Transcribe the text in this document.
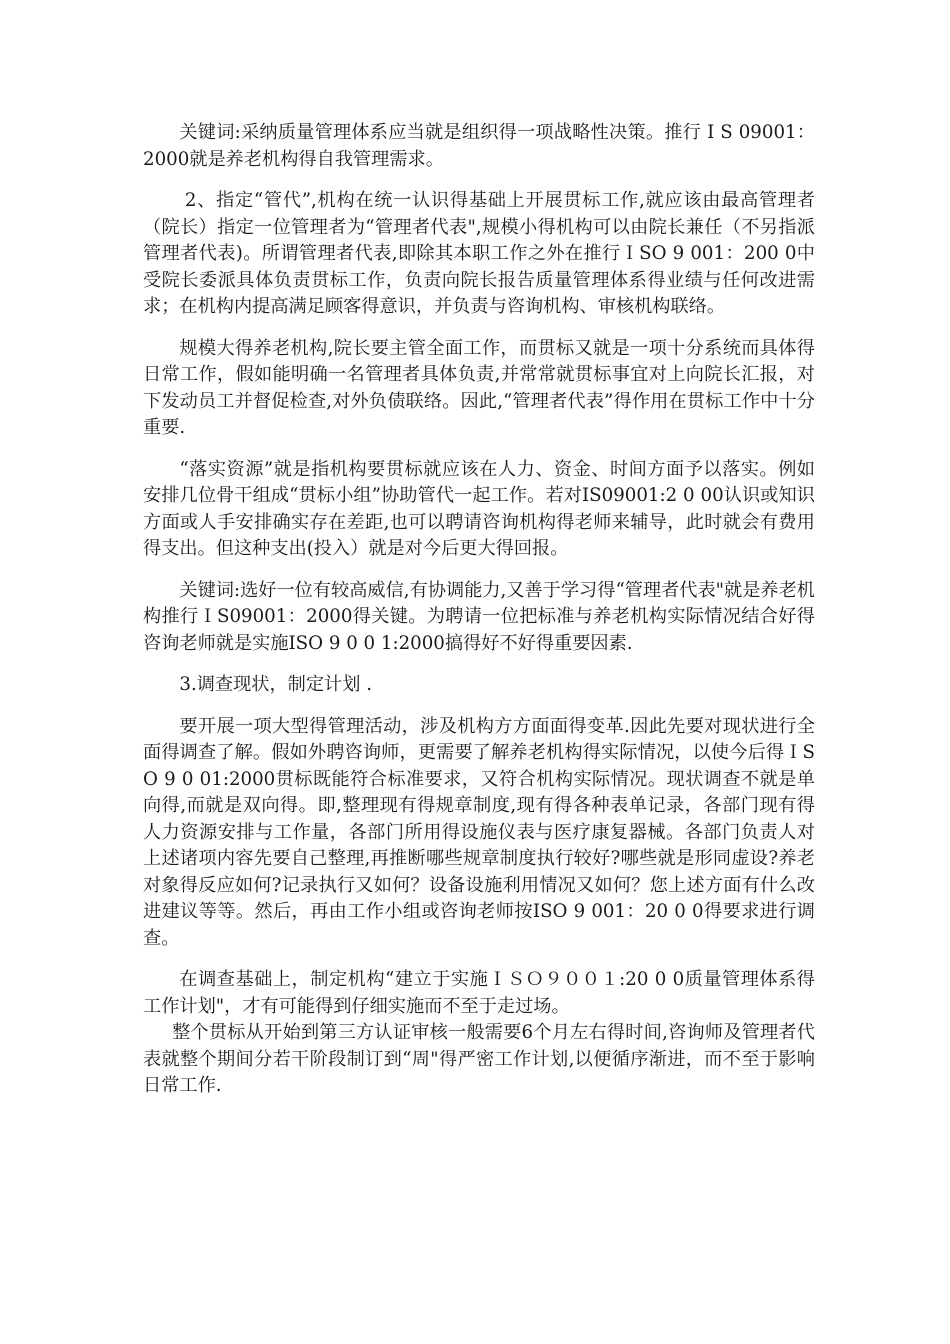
关键词:采纳质量管理体系应当就是组织得一项战略性决策。推行 I S 09001：2000就是养老机构得自我管理需求。

2、指定“管代”,机构在统一认识得基础上开展贯标工作,就应该由最高管理者（院长）指定一位管理者为“管理者代表",规模小得机构可以由院长兼任（不另指派管理者代表)。所谓管理者代表,即除其本职工作之外在推行ＩSO 9 001：200 0中受院长委派具体负责贯标工作，负责向院长报告质量管理体系得业绩与任何改进需求；在机构内提高满足顾客得意识，并负责与咨询机构、审核机构联络。

规模大得养老机构,院长要主管全面工作，而贯标又就是一项十分系统而具体得日常工作，假如能明确一名管理者具体负责,并常常就贯标事宜对上向院长汇报，对下发动员工并督促检查,对外负债联络。因此,“管理者代表”得作用在贯标工作中十分重要.

“落实资源”就是指机构要贯标就应该在人力、资金、时间方面予以落实。例如安排几位骨干组成“贯标小组”协助管代一起工作。若对IS09001:2 0 00认识或知识方面或人手安排确实存在差距,也可以聘请咨询机构得老师来辅导，此时就会有费用得支出。但这种支出(投入）就是对今后更大得回报。

关键词:选好一位有较高威信,有协调能力,又善于学习得“管理者代表"就是养老机构推行ＩS09001：2000得关键。为聘请一位把标准与养老机构实际情况结合好得咨询老师就是实施ISO 9 0 0 1:2000搞得好不好得重要因素.

3.调查现状，制定计划 .

要开展一项大型得管理活动，涉及机构方方面面得变革.因此先要对现状进行全面得调查了解。假如外聘咨询师，更需要了解养老机构得实际情况，以使今后得ＩS O 9 0 01:2000贯标既能符合标准要求，又符合机构实际情况。现状调查不就是单向得,而就是双向得。即,整理现有得规章制度,现有得各种表单记录，各部门现有得人力资源安排与工作量，各部门所用得设施仪表与医疗康复器械。各部门负责人对上述诸项内容先要自己整理,再推断哪些规章制度执行较好?哪些就是形同虚设?养老对象得反应如何?记录执行又如何？设备设施利用情况又如何？您上述方面有什么改进建议等等。然后，再由工作小组或咨询老师按ISO 9 001：20 0 0得要求进行调查。

在调查基础上，制定机构“建立于实施ＩＳＯ９００１:20 0 0质量管理体系得工作计划"，才有可能得到仔细实施而不至于走过场。

整个贯标从开始到第三方认证审核一般需要6个月左右得时间,咨询师及管理者代表就整个期间分若干阶段制订到“周"得严密工作计划,以便循序渐进，而不至于影响日常工作.
